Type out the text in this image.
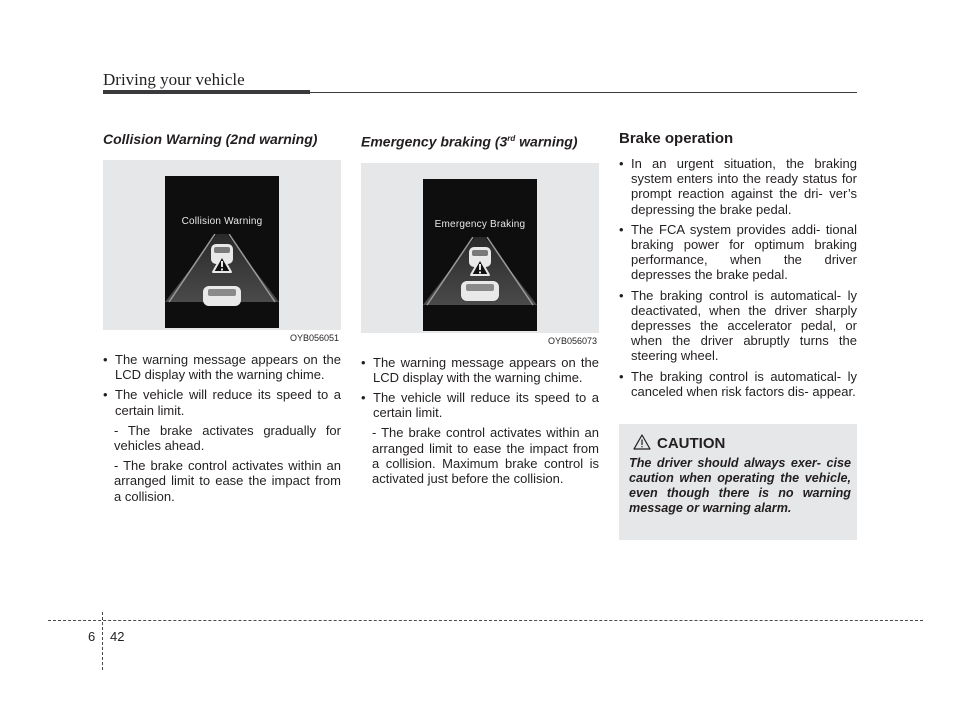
Driving your vehicle
Collision Warning (2nd warning)
Collision Warning
OYB056051
• The warning message appears on the LCD display with the warning chime.
• The vehicle will reduce its speed to a certain limit.
- The brake activates gradually for vehicles ahead.
- The brake control activates within an arranged limit to ease the impact from a collision.
Emergency braking (3rd warning)
Emergency Braking
OYB056073
• The warning message appears on the LCD display with the warning chime.
• The vehicle will reduce its speed to a certain limit.
- The brake control activates within an arranged limit to ease the impact from a collision. Maximum brake control is activated just before the collision.
Brake operation
• In an urgent situation, the braking system enters into the ready status for prompt reaction against the dri- ver’s depressing the brake pedal.
• The FCA system provides addi- tional braking power for optimum braking performance, when the driver depresses the brake pedal.
• The braking control is automatical- ly deactivated, when the driver sharply depresses the accelerator pedal, or when the driver abruptly turns the steering wheel.
• The braking control is automatical- ly canceled when risk factors dis- appear.
CAUTION
The driver should always exer- cise caution when operating the vehicle, even though there is no warning message or warning alarm.
6 42
